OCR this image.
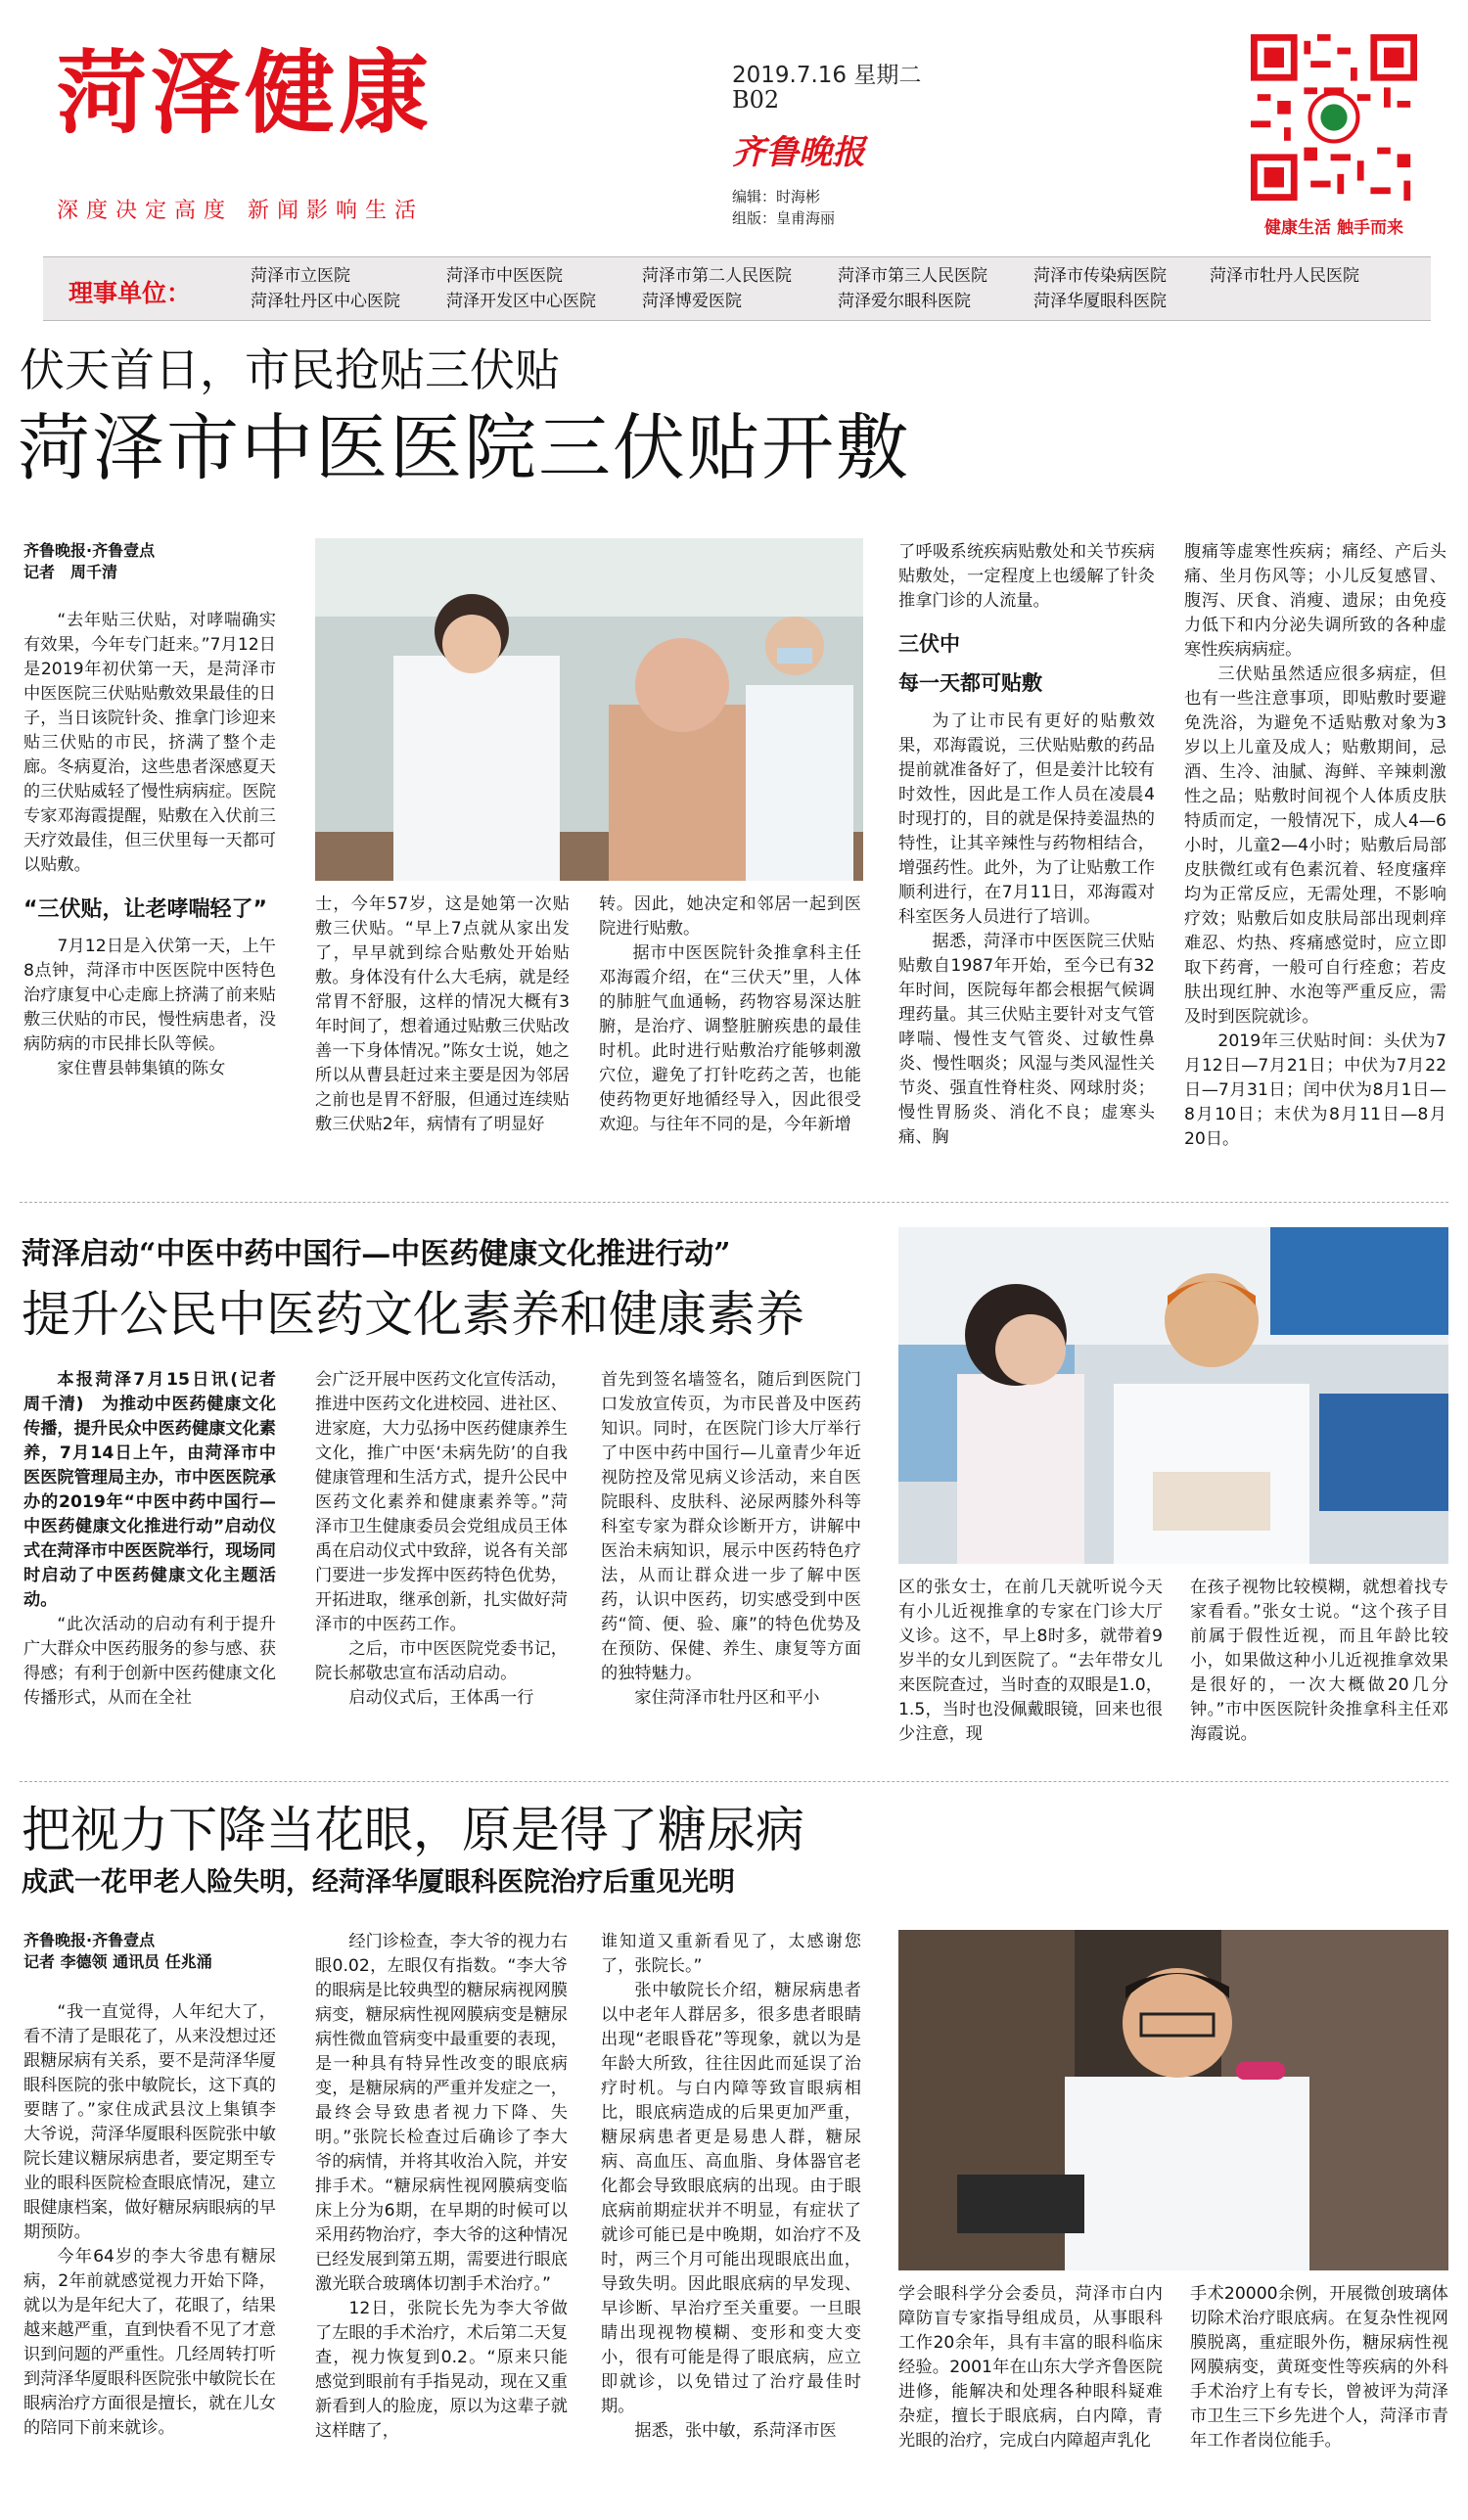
菏泽健康
深度决定高度 新闻影响生活
2019.7.16 星期二
B02
齐鲁晚报
编辑：时海彬
组版：皇甫海丽	健康生活 触手而来
理事单位：
菏泽市立医院	菏泽市中医医院	菏泽市第二人民医院	菏泽市第三人民医院	菏泽市传染病医院	菏泽市牡丹人民医院
菏泽牡丹区中心医院	菏泽开发区中心医院	菏泽博爱医院	菏泽爱尔眼科医院	菏泽华厦眼科医院
伏天首日，市民抢贴三伏贴
菏泽市中医医院三伏贴开敷
齐鲁晚报·齐鲁壹点
记者　周千清

“去年贴三伏贴，对哮喘确实有效果，今年专门赶来。”7月12日是2019年初伏第一天，是菏泽市中医医院三伏贴贴敷效果最佳的日子，当日该院针灸、推拿门诊迎来贴三伏贴的市民，挤满了整个走廊。冬病夏治，这些患者深感夏天的三伏贴威轻了慢性病病症。医院专家邓海霞提醒，贴敷在入伏前三天疗效最佳，但三伏里每一天都可以贴敷。

“三伏贴，让老哮喘轻了”

7月12日是入伏第一天，上午8点钟，菏泽市中医医院中医特色治疗康复中心走廊上挤满了前来贴敷三伏贴的市民，慢性病患者，没病防病的市民排长队等候。

家住曹县韩集镇的陈女

士，今年57岁，这是她第一次贴敷三伏贴。“早上7点就从家出发了，早早就到综合贴敷处开始贴敷。身体没有什么大毛病，就是经常胃不舒服，这样的情况大概有3年时间了，想着通过贴敷三伏贴改善一下身体情况。”陈女士说，她之所以从曹县赶过来主要是因为邻居之前也是胃不舒服，但通过连续贴敷三伏贴2年，病情有了明显好

转。因此，她决定和邻居一起到医院进行贴敷。

据市中医医院针灸推拿科主任邓海霞介绍，在“三伏天”里，人体的肺脏气血通畅，药物容易深达脏腑，是治疗、调整脏腑疾患的最佳时机。此时进行贴敷治疗能够刺激穴位，避免了打针吃药之苦，也能使药物更好地循经导入，因此很受欢迎。与往年不同的是，今年新增

了呼吸系统疾病贴敷处和关节疾病贴敷处，一定程度上也缓解了针灸推拿门诊的人流量。

三伏中
每一天都可贴敷

为了让市民有更好的贴敷效果，邓海霞说，三伏贴贴敷的药品提前就准备好了，但是姜汁比较有时效性，因此是工作人员在凌晨4时现打的，目的就是保持姜温热的特性，让其辛辣性与药物相结合，增强药性。此外，为了让贴敷工作顺利进行，在7月11日，邓海霞对科室医务人员进行了培训。

据悉，菏泽市中医医院三伏贴贴敷自1987年开始，至今已有32年时间，医院每年都会根据气候调理药量。其三伏贴主要针对支气管哮喘、慢性支气管炎、过敏性鼻炎、慢性咽炎；风湿与类风湿性关节炎、强直性脊柱炎、网球肘炎；慢性胃肠炎、消化不良；虚寒头痛、胸

腹痛等虚寒性疾病；痛经、产后头痛、坐月伤风等；小儿反复感冒、腹泻、厌食、消瘦、遗尿；由免疫力低下和内分泌失调所致的各种虚寒性疾病病症。

三伏贴虽然适应很多病症，但也有一些注意事项，即贴敷时要避免洗浴，为避免不适贴敷对象为3岁以上儿童及成人；贴敷期间，忌酒、生冷、油腻、海鲜、辛辣刺激性之品；贴敷时间视个人体质皮肤特质而定，一般情况下，成人4—6小时，儿童2—4小时；贴敷后局部皮肤微红或有色素沉着、轻度瘙痒均为正常反应，无需处理，不影响疗效；贴敷后如皮肤局部出现刺痒难忍、灼热、疼痛感觉时，应立即取下药膏，一般可自行痊愈；若皮肤出现红肿、水泡等严重反应，需及时到医院就诊。

2019年三伏贴时间：头伏为7月12日—7月21日；中伏为7月22日—7月31日；闰中伏为8月1日—8月10日；末伏为8月11日—8月20日。

菏泽启动“中医中药中国行—中医药健康文化推进行动”
提升公民中医药文化素养和健康素养

本报菏泽7月15日讯(记者　周千清)　为推动中医药健康文化传播，提升民众中医药健康文化素养，7月14日上午，由菏泽市中医医院管理局主办，市中医医院承办的2019年“中医中药中国行—中医药健康文化推进行动”启动仪式在菏泽市中医医院举行，现场同时启动了中医药健康文化主题活动。

“此次活动的启动有利于提升广大群众中医药服务的参与感、获得感；有利于创新中医药健康文化传播形式，从而在全社

会广泛开展中医药文化宣传活动，推进中医药文化进校园、进社区、进家庭，大力弘扬中医药健康养生文化，推广中医‘未病先防’的自我健康管理和生活方式，提升公民中医药文化素养和健康素养等。”菏泽市卫生健康委员会党组成员王体禹在启动仪式中致辞，说各有关部门要进一步发挥中医药特色优势，开拓进取，继承创新，扎实做好菏泽市的中医药工作。

之后，市中医医院党委书记，院长郝敬忠宣布活动启动。

启动仪式后，王体禹一行

首先到签名墙签名，随后到医院门口发放宣传页，为市民普及中医药知识。同时，在医院门诊大厅举行了中医中药中国行—儿童青少年近视防控及常见病义诊活动，来自医院眼科、皮肤科、泌尿两膝外科等科室专家为群众诊断开方，讲解中医治未病知识，展示中医药特色疗法，从而让群众进一步了解中医药，认识中医药，切实感受到中医药“简、便、验、廉”的特色优势及在预防、保健、养生、康复等方面的独特魅力。

家住菏泽市牡丹区和平小

区的张女士，在前几天就听说今天有小儿近视推拿的专家在门诊大厅义诊。这不，早上8时多，就带着9岁半的女儿到医院了。“去年带女儿来医院查过，当时查的双眼是1.0，1.5，当时也没佩戴眼镜，回来也很少注意，现

在孩子视物比较模糊，就想着找专家看看。”张女士说。“这个孩子目前属于假性近视，而且年龄比较小，如果做这种小儿近视推拿效果是很好的，一次大概做20几分钟。”市中医医院针灸推拿科主任邓海霞说。

把视力下降当花眼，原是得了糖尿病
成武一花甲老人险失明，经菏泽华厦眼科医院治疗后重见光明
齐鲁晚报·齐鲁壹点
记者 李德领 通讯员 任兆涌

“我一直觉得，人年纪大了，看不清了是眼花了，从来没想过还跟糖尿病有关系，要不是菏泽华厦眼科医院的张中敏院长，这下真的要瞎了。”家住成武县汶上集镇李大爷说，菏泽华厦眼科医院张中敏院长建议糖尿病患者，要定期至专业的眼科医院检查眼底情况，建立眼健康档案，做好糖尿病眼病的早期预防。

今年64岁的李大爷患有糖尿病，2年前就感觉视力开始下降，就以为是年纪大了，花眼了，结果越来越严重，直到快看不见了才意识到问题的严重性。几经周转打听到菏泽华厦眼科医院张中敏院长在眼病治疗方面很是擅长，就在儿女的陪同下前来就诊。

经门诊检查，李大爷的视力右眼0.02，左眼仅有指数。“李大爷的眼病是比较典型的糖尿病视网膜病变，糖尿病性视网膜病变是糖尿病性微血管病变中最重要的表现，是一种具有特异性改变的眼底病变，是糖尿病的严重并发症之一，最终会导致患者视力下降、失明。”张院长检查过后确诊了李大爷的病情，并将其收治入院，并安排手术。“糖尿病性视网膜病变临床上分为6期，在早期的时候可以采用药物治疗，李大爷的这种情况已经发展到第五期，需要进行眼底激光联合玻璃体切割手术治疗。”

12日，张院长先为李大爷做了左眼的手术治疗，术后第二天复查，视力恢复到0.2。“原来只能感觉到眼前有手指晃动，现在又重新看到人的脸庞，原以为这辈子就这样瞎了，

谁知道又重新看见了，太感谢您了，张院长。”

张中敏院长介绍，糖尿病患者以中老年人群居多，很多患者眼睛出现“老眼昏花”等现象，就以为是年龄大所致，往往因此而延误了治疗时机。与白内障等致盲眼病相比，眼底病造成的后果更加严重，糖尿病患者更是易患人群，糖尿病、高血压、高血脂、身体器官老化都会导致眼底病的出现。由于眼底病前期症状并不明显，有症状了就诊可能已是中晚期，如治疗不及时，两三个月可能出现眼底出血，导致失明。因此眼底病的早发现、早诊断、早治疗至关重要。一旦眼睛出现视物模糊、变形和变大变小，很有可能是得了眼底病，应立即就诊，以免错过了治疗最佳时期。

据悉，张中敏，系菏泽市医

学会眼科学分会委员，菏泽市白内障防盲专家指导组成员，从事眼科工作20余年，具有丰富的眼科临床经验。2001年在山东大学齐鲁医院进修，能解决和处理各种眼科疑难杂症，擅长于眼底病，白内障，青光眼的治疗，完成白内障超声乳化

手术20000余例，开展微创玻璃体切除术治疗眼底病。在复杂性视网膜脱离，重症眼外伤，糖尿病性视网膜病变，黄斑变性等疾病的外科手术治疗上有专长，曾被评为菏泽市卫生三下乡先进个人，菏泽市青年工作者岗位能手。
